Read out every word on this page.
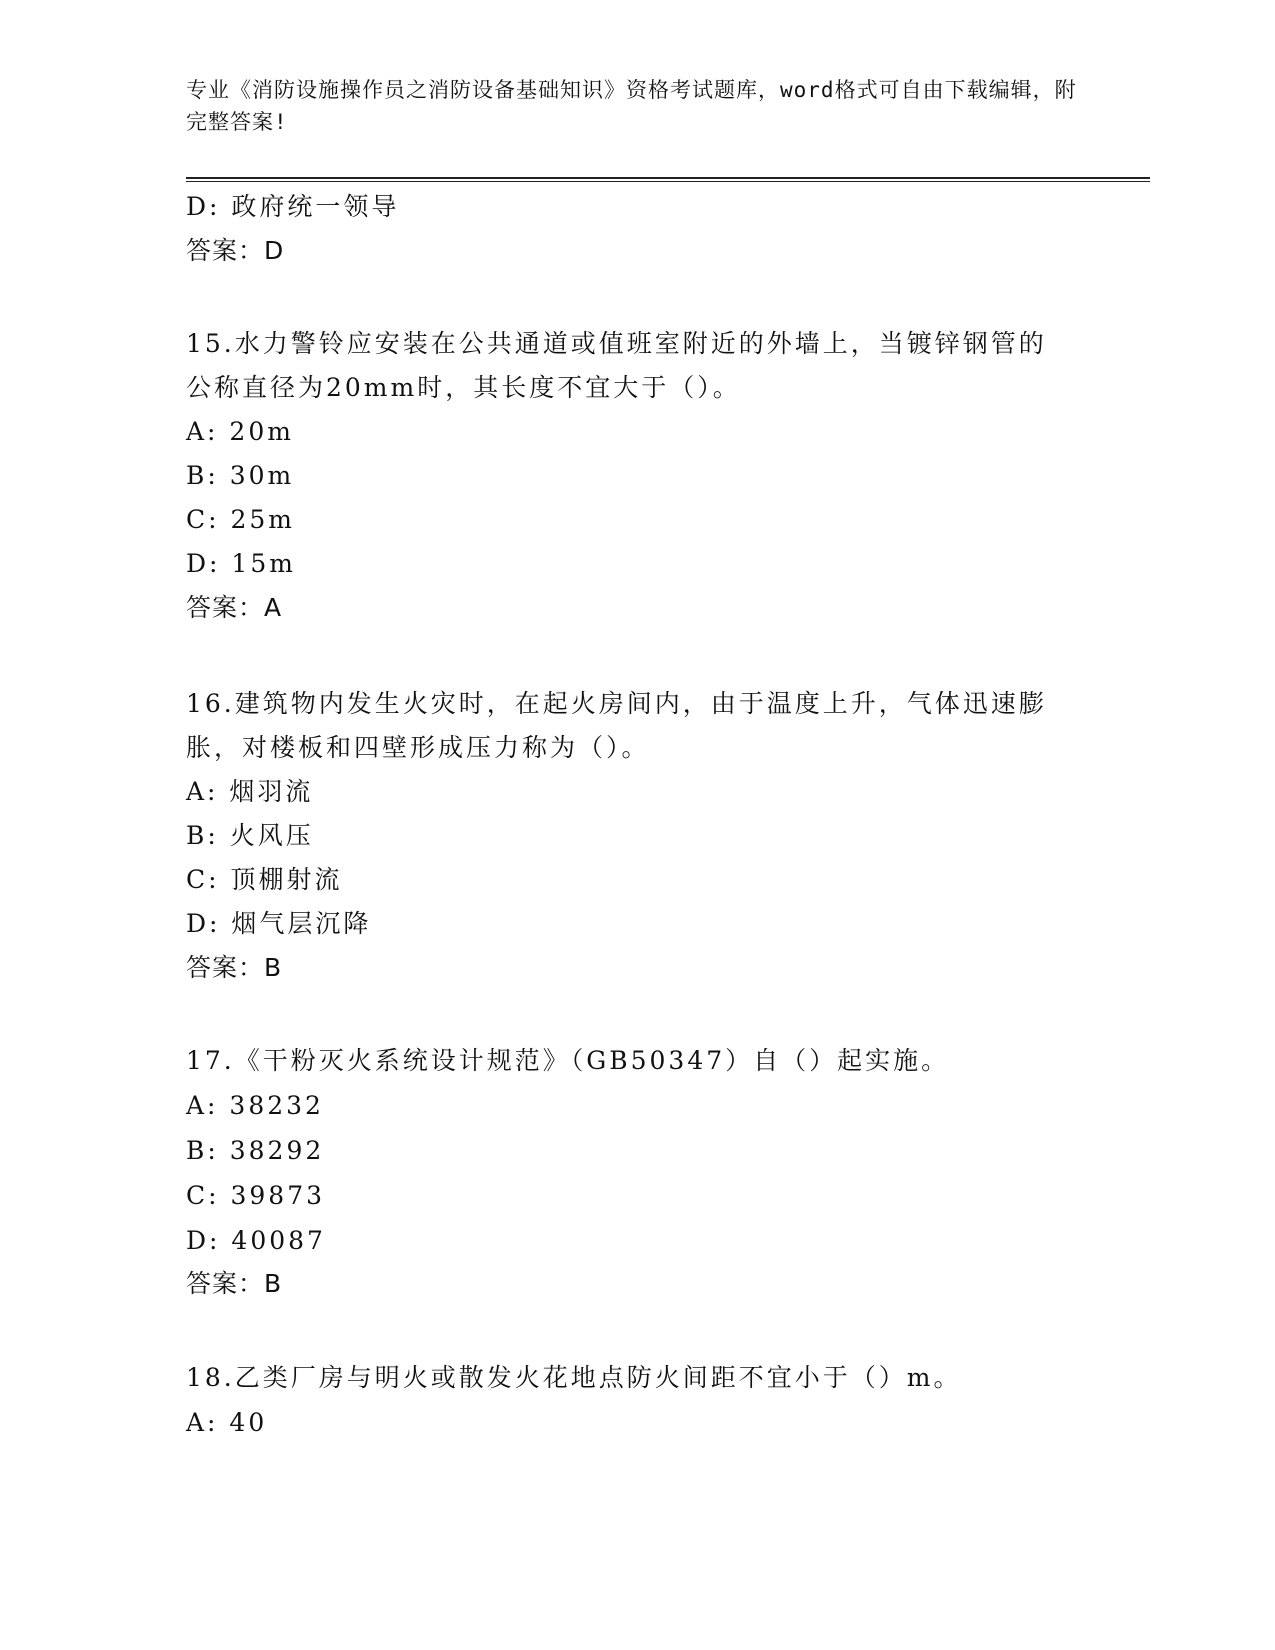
专业《消防设施操作员之消防设备基础知识》资格考试题库，word格式可自由下载编辑，附完整答案!
D: 政府统一领导
答案：D
15.水力警铃应安装在公共通道或值班室附近的外墙上，当镀锌钢管的
公称直径为20mm时，其长度不宜大于（）。
A: 20m
B: 30m
C: 25m
D: 15m
答案：A
16.建筑物内发生火灾时，在起火房间内，由于温度上升，气体迅速膨
胀，对楼板和四壁形成压力称为（）。
A: 烟羽流
B: 火风压
C: 顶棚射流
D: 烟气层沉降
答案：B
17.《干粉灭火系统设计规范》（GB50347）自（）起实施。
A: 38232
B: 38292
C: 39873
D: 40087
答案：B
18.乙类厂房与明火或散发火花地点防火间距不宜小于（）m。
A: 40
